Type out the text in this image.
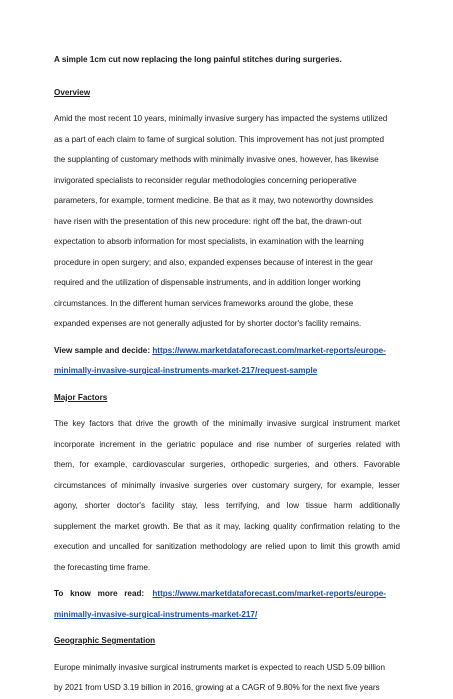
A simple 1cm cut now replacing the long painful stitches during surgeries.

Overview
Amid the most recent 10 years, minimally invasive surgery has impacted the systems utilized
as a part of each claim to fame of surgical solution. This improvement has not just prompted
the supplanting of customary methods with minimally invasive ones, however, has likewise
invigorated specialists to reconsider regular methodologies concerning perioperative
parameters, for example, torment medicine. Be that as it may, two noteworthy downsides
have risen with the presentation of this new procedure: right off the bat, the drawn-out
expectation to absorb information for most specialists, in examination with the learning
procedure in open surgery; and also, expanded expenses because of interest in the gear
required and the utilization of dispensable instruments, and in addition longer working
circumstances. In the different human services frameworks around the globe, these
expanded expenses are not generally adjusted for by shorter doctor's facility remains.
View sample and decide: https://www.marketdataforecast.com/market-reports/europe-
minimally-invasive-surgical-instruments-market-217/request-sample
Major Factors
The key factors that drive the growth of the minimally invasive surgical instrument market
incorporate increment in the geriatric populace and rise number of surgeries related with
them, for example, cardiovascular surgeries, orthopedic surgeries, and others. Favorable
circumstances of minimally invasive surgeries over customary surgery, for example, lesser
agony, shorter doctor's facility stay, less terrifying, and low tissue harm additionally
supplement the market growth. Be that as it may, lacking quality confirmation relating to the
execution and uncalled for sanitization methodology are relied upon to limit this growth amid
the forecasting time frame.
To   know   more   read: https://www.marketdataforecast.com/market-reports/europe-
minimally-invasive-surgical-instruments-market-217/
Geographic Segmentation
Europe minimally invasive surgical instruments market is expected to reach USD 5.09 billion
by 2021 from USD 3.19 billion in 2016, growing at a CAGR of 9.80% for the next five years
